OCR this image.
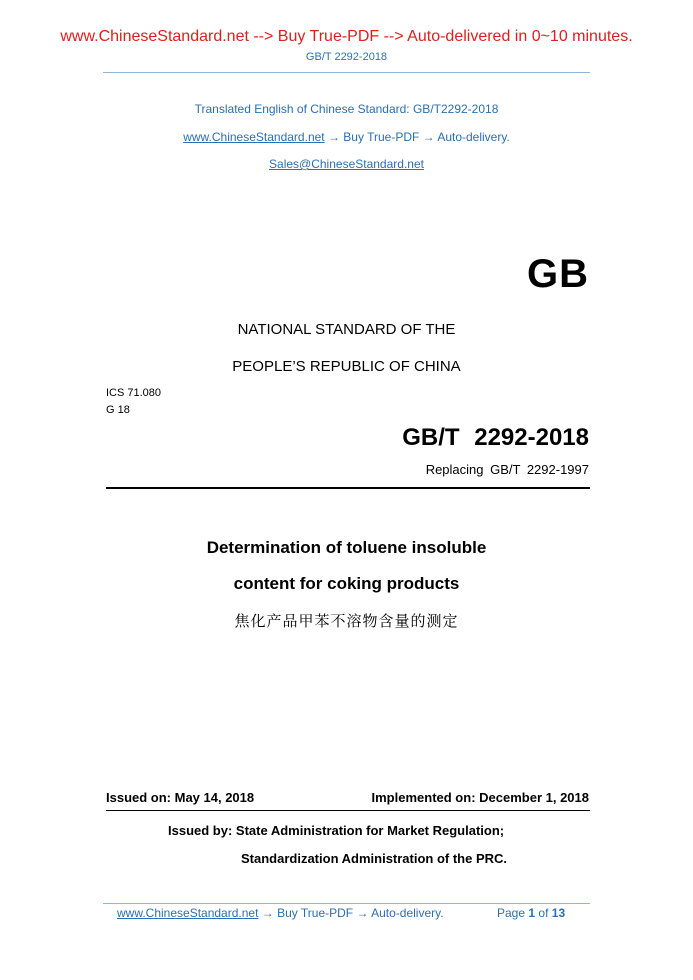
www.ChineseStandard.net --> Buy True-PDF --> Auto-delivered in 0~10 minutes.
GB/T 2292-2018
Translated English of Chinese Standard: GB/T2292-2018
www.ChineseStandard.net → Buy True-PDF → Auto-delivery.
Sales@ChineseStandard.net
GB
NATIONAL STANDARD OF THE
PEOPLE’S REPUBLIC OF CHINA
ICS 71.080
G 18
GB/T 2292-2018
Replacing GB/T 2292-1997
Determination of toluene insoluble
content for coking products
焦化产品甲苯不溶物含量的测定
Issued on: May 14, 2018	Implemented on: December 1, 2018
Issued by: State Administration for Market Regulation;
Standardization Administration of the PRC.
www.ChineseStandard.net → Buy True-PDF → Auto-delivery.	Page 1 of 13
